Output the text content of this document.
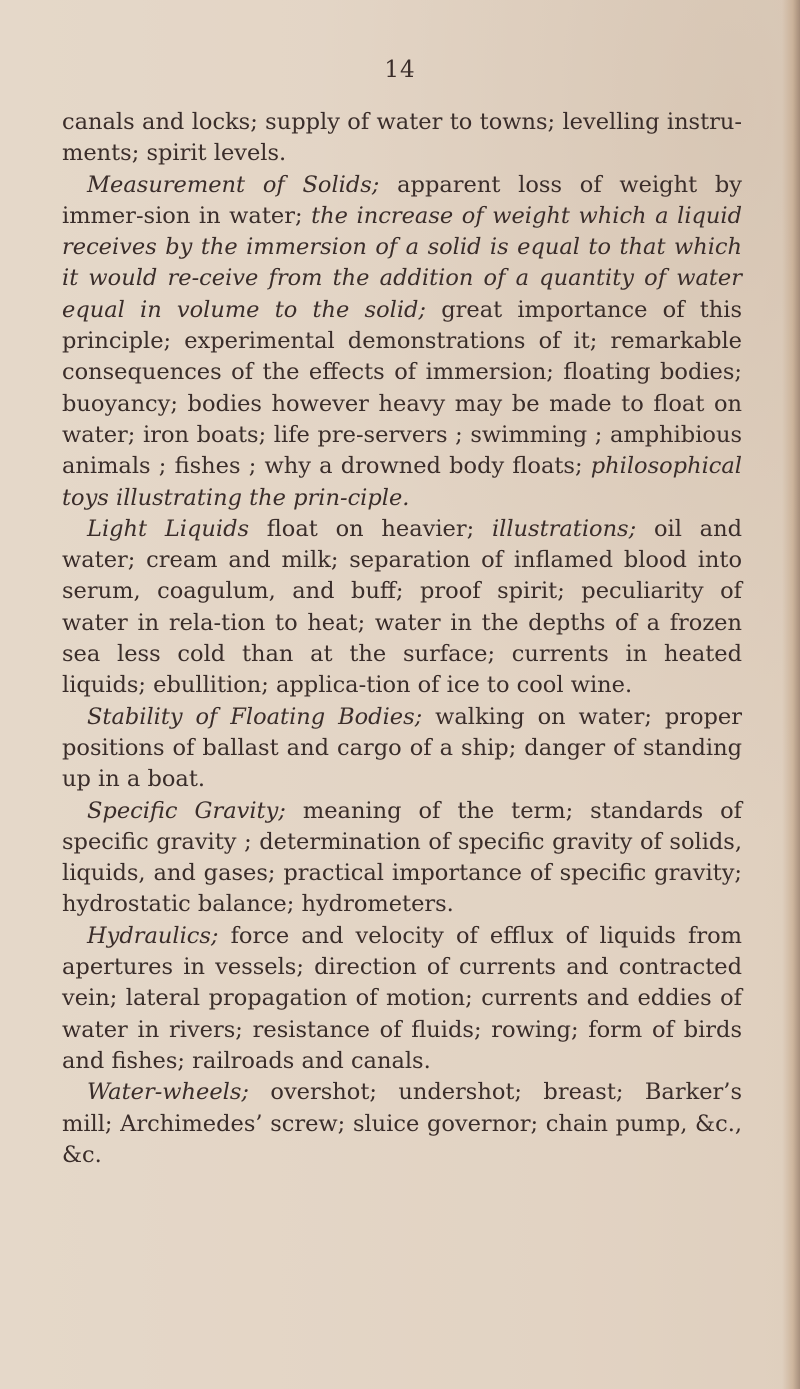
14

canals and locks; supply of water to towns; levelling instru-ments; spirit levels.

Measurement of Solids; apparent loss of weight by immer-sion in water; the increase of weight which a liquid receives by the immersion of a solid is equal to that which it would re-ceive from the addition of a quantity of water equal in volume to the solid; great importance of this principle; experimental demonstrations of it; remarkable consequences of the effects of immersion; floating bodies; buoyancy; bodies however heavy may be made to float on water; iron boats; life pre-servers ; swimming ; amphibious animals ; fishes ; why a drowned body floats; philosophical toys illustrating the prin-ciple.

Light Liquids float on heavier; illustrations; oil and water; cream and milk; separation of inflamed blood into serum, coagulum, and buff; proof spirit; peculiarity of water in rela-tion to heat; water in the depths of a frozen sea less cold than at the surface; currents in heated liquids; ebullition; applica-tion of ice to cool wine.

Stability of Floating Bodies; walking on water; proper positions of ballast and cargo of a ship; danger of standing up in a boat.

Specific Gravity; meaning of the term; standards of specific gravity ; determination of specific gravity of solids, liquids, and gases; practical importance of specific gravity; hydrostatic balance; hydrometers.

Hydraulics; force and velocity of efflux of liquids from apertures in vessels; direction of currents and contracted vein; lateral propagation of motion; currents and eddies of water in rivers; resistance of fluids; rowing; form of birds and fishes; railroads and canals.

Water-wheels; overshot; undershot; breast; Barker’s mill; Archimedes’ screw; sluice governor; chain pump, &c., &c.
